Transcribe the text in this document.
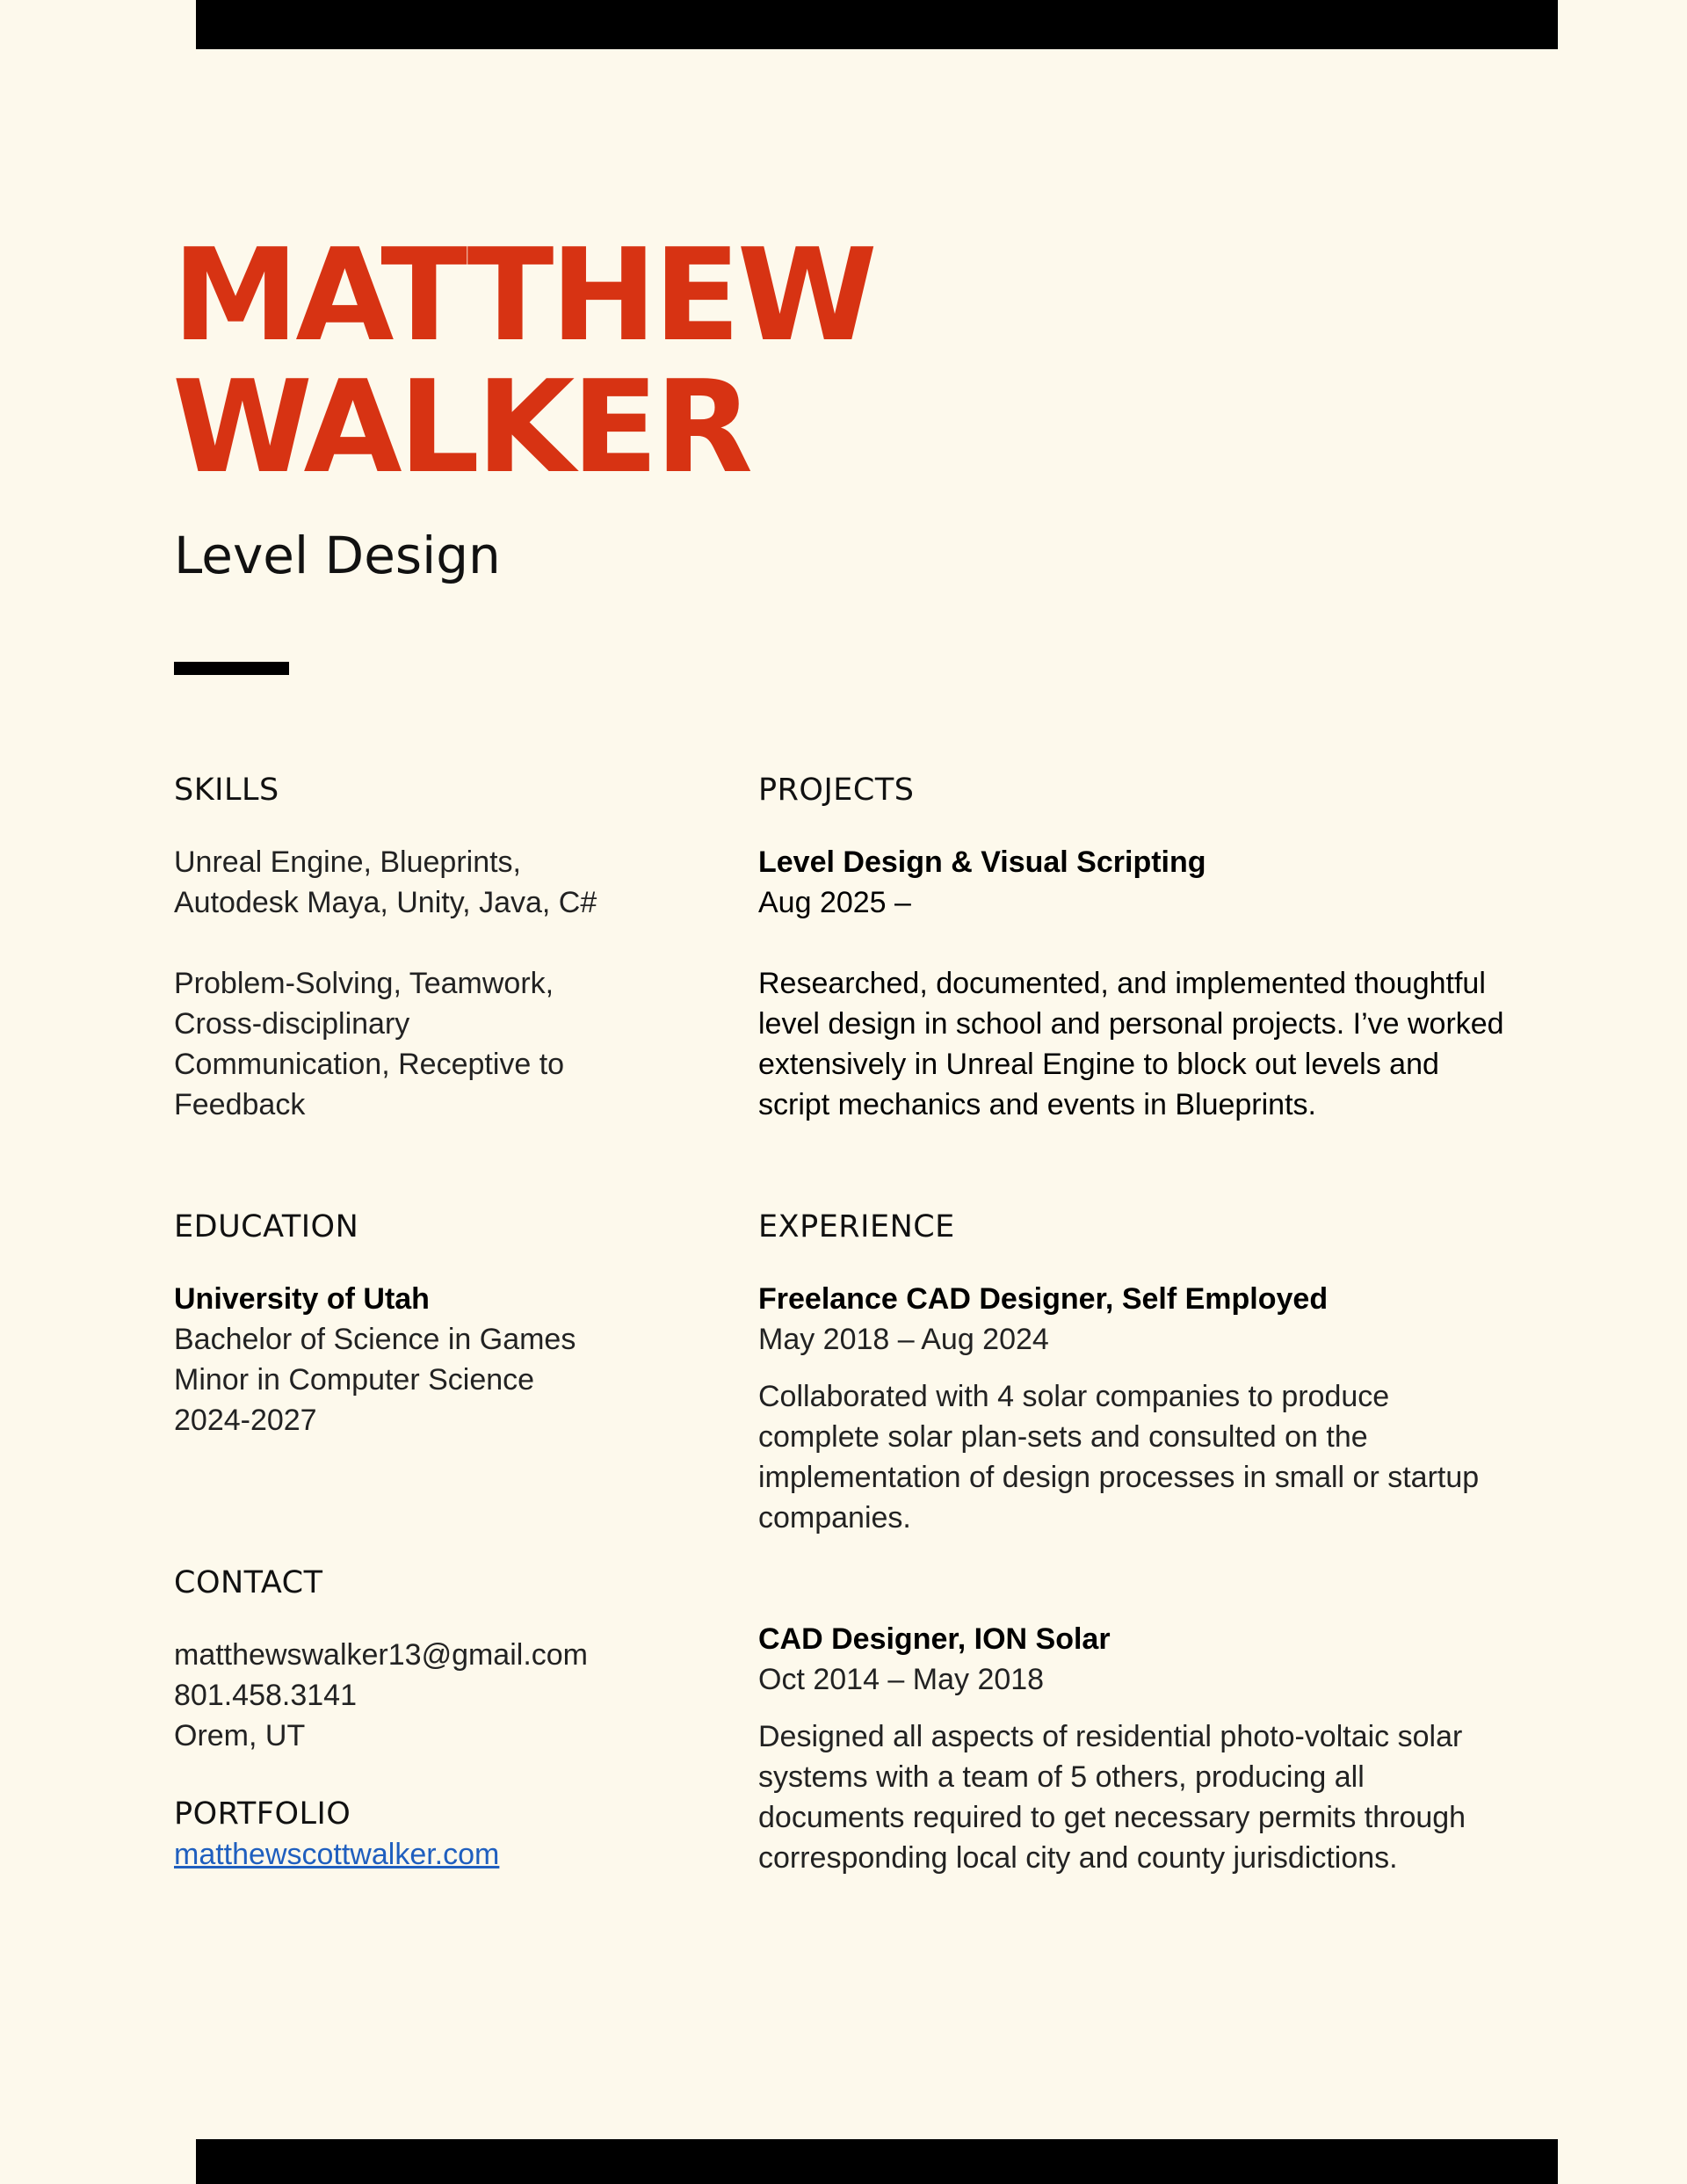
MATTHEW
WALKER
Level Design
SKILLS

Unreal Engine, Blueprints,

Autodesk Maya, Unity, Java, C#

Problem-Solving, Teamwork,

Cross-disciplinary

Communication, Receptive to

Feedback

PROJECTS

Level Design & Visual Scripting

Aug 2025 –

Researched, documented, and implemented thoughtful

level design in school and personal projects. I’ve worked

extensively in Unreal Engine to block out levels and

script mechanics and events in Blueprints.

EDUCATION

University of Utah

Bachelor of Science in Games

Minor in Computer Science

2024-2027

EXPERIENCE

Freelance CAD Designer, Self Employed

May 2018 – Aug 2024

Collaborated with 4 solar companies to produce

complete solar plan-sets and consulted on the

implementation of design processes in small or startup

companies.

CAD Designer, ION Solar

Oct 2014 – May 2018

Designed all aspects of residential photo-voltaic solar

systems with a team of 5 others, producing all

documents required to get necessary permits through

corresponding local city and county jurisdictions.

CONTACT

matthewswalker13@gmail.com

801.458.3141

Orem, UT

PORTFOLIO
matthewscottwalker.com
